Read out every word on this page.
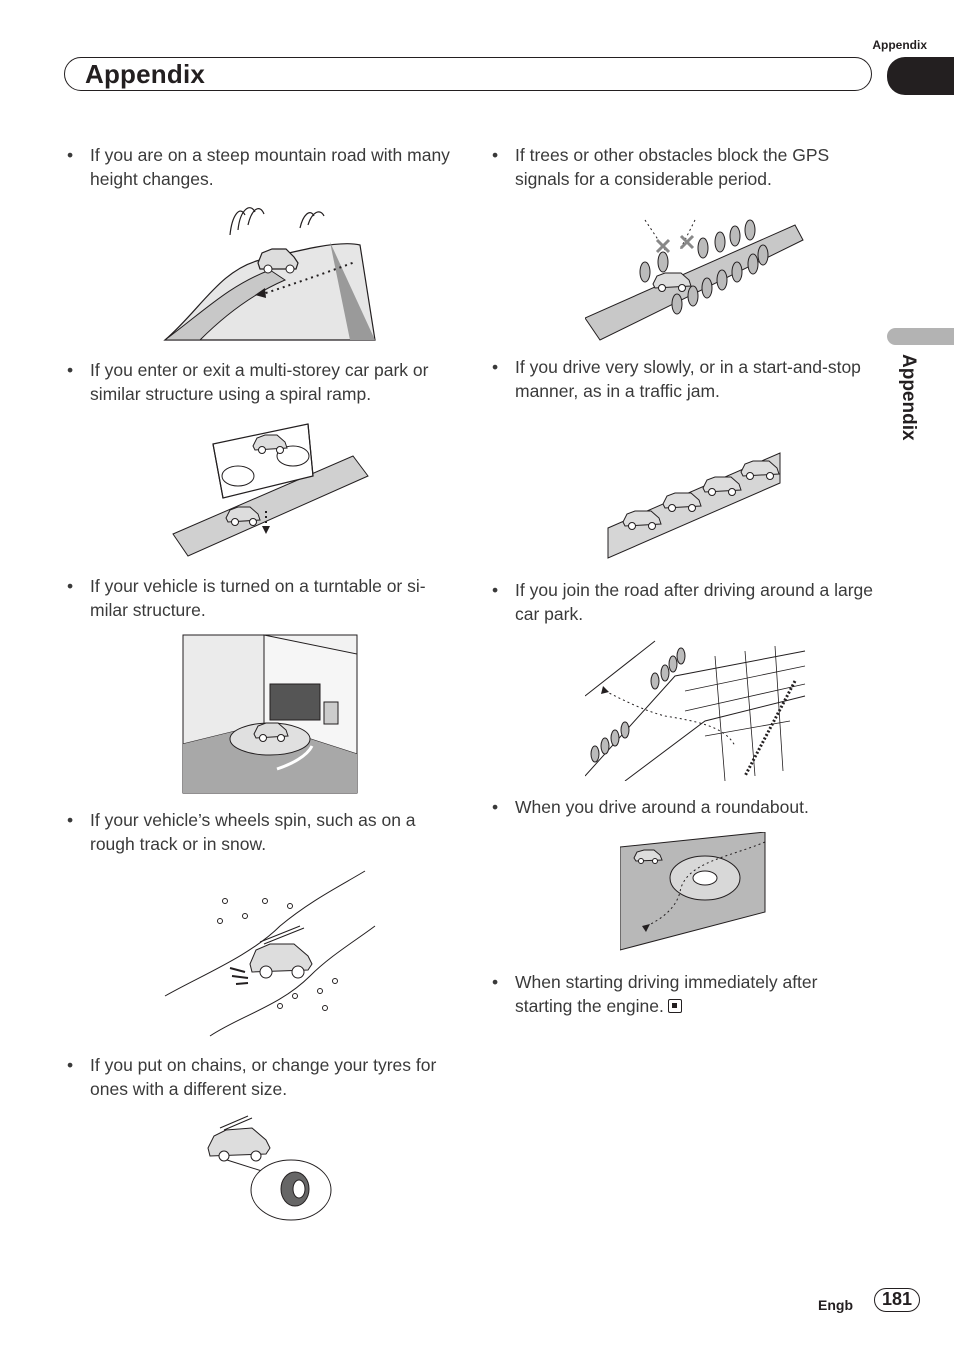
Appendix
Appendix
Appendix
• If you are on a steep mountain road with many height changes.
• If you enter or exit a multi-storey car park or similar structure using a spiral ramp.
• If your vehicle is turned on a turntable or si-milar structure.
• If your vehicle’s wheels spin, such as on a rough track or in snow.
• If you put on chains, or change your tyres for ones with a different size.
• If trees or other obstacles block the GPS signals for a considerable period.
• If you drive very slowly, or in a start-and-stop manner, as in a traffic jam.
• If you join the road after driving around a large car park.
• When you drive around a roundabout.
• When starting driving immediately after starting the engine.
Engb	181
